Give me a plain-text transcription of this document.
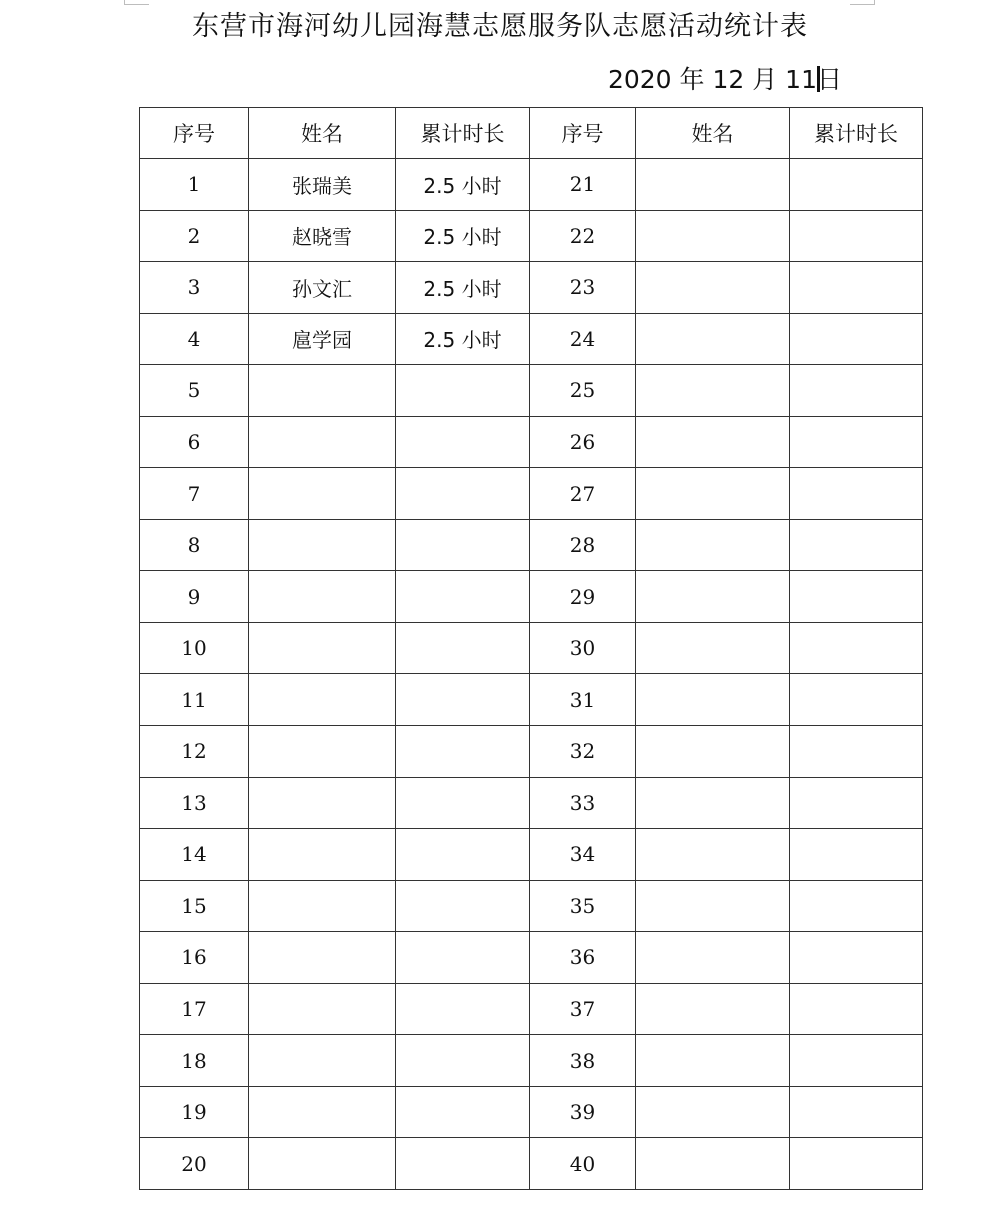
东营市海河幼儿园海慧志愿服务队志愿活动统计表
2020 年 12 月 11日
序号	姓名	累计时长	序号	姓名	累计时长
1	张瑞美	2.5 小时	21		
2	赵晓雪	2.5 小时	22		
3	孙文汇	2.5 小时	23		
4	扈学园	2.5 小时	24		
5			25		
6			26		
7			27		
8			28		
9			29		
10			30		
11			31		
12			32		
13			33		
14			34		
15			35		
16			36		
17			37		
18			38		
19			39		
20			40		
